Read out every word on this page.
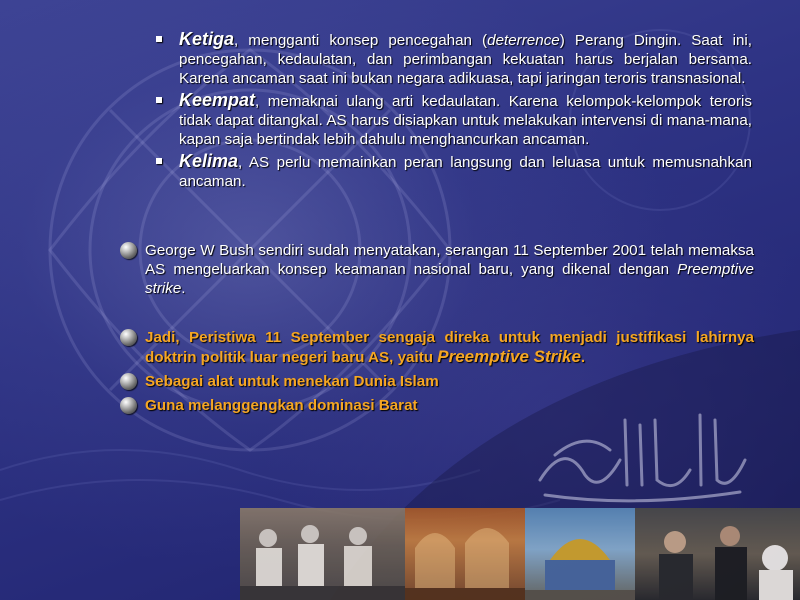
Ketiga, mengganti konsep pencegahan (deterrence) Perang Dingin. Saat ini, pencegahan, kedaulatan, dan perimbangan kekuatan harus berjalan bersama. Karena ancaman saat ini bukan negara adikuasa, tapi jaringan teroris transnasional.
Keempat, memaknai ulang arti kedaulatan. Karena kelompok-kelompok teroris tidak dapat ditangkal. AS harus disiapkan untuk melakukan intervensi di mana-mana, kapan saja bertindak lebih dahulu menghancurkan ancaman.
Kelima, AS perlu memainkan peran langsung dan leluasa untuk memusnahkan ancaman.
George W Bush sendiri sudah menyatakan, serangan 11 September 2001 telah memaksa AS mengeluarkan konsep keamanan nasional baru, yang dikenal dengan Preemptive strike.
Jadi, Peristiwa 11 September sengaja direka untuk menjadi justifikasi lahirnya doktrin politik luar negeri baru AS, yaitu Preemptive Strike.
Sebagai alat untuk menekan Dunia Islam
Guna melanggengkan dominasi Barat
